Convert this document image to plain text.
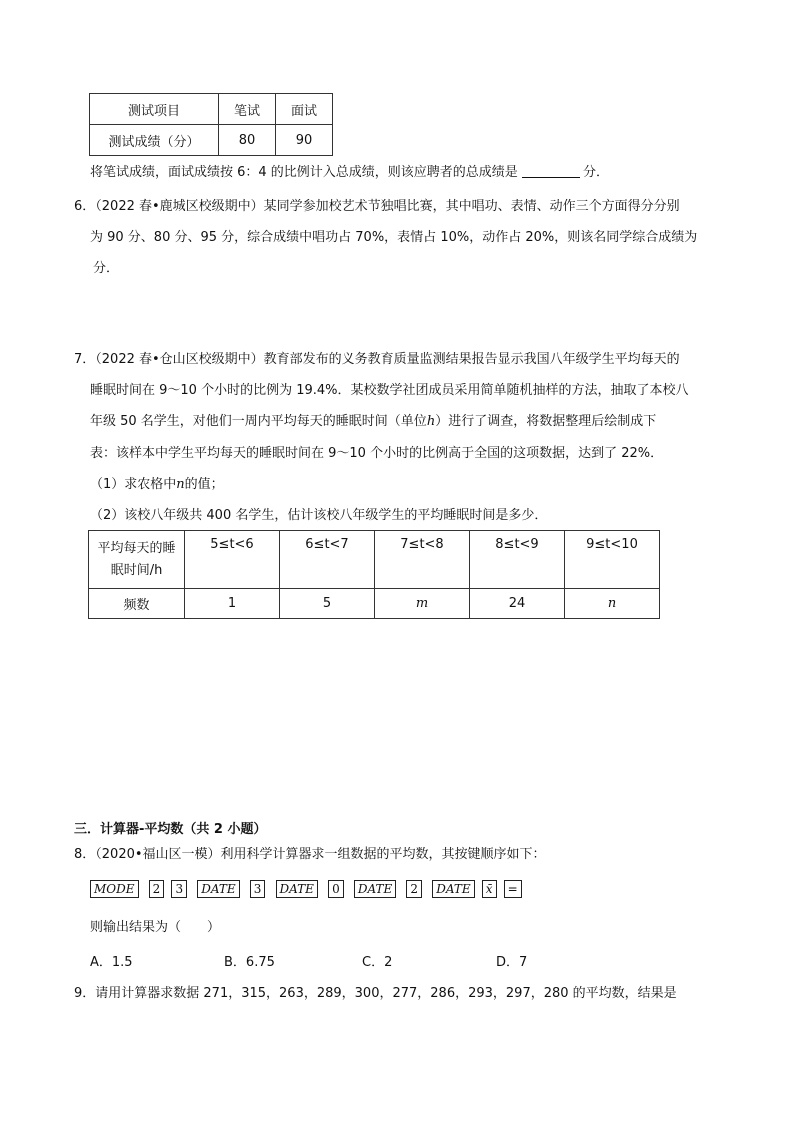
测试项目	笔试	面试
测试成绩（分）	80	90
将笔试成绩，面试成绩按 6：4 的比例计入总成绩，则该应聘者的总成绩是	分．
6．（2022 春•鹿城区校级期中）某同学参加校艺术节独唱比赛，其中唱功、表情、动作三个方面得分分别
为 90 分、80 分、95 分，综合成绩中唱功占 70%，表情占 10%，动作占 20%，则该名同学综合成绩为
分．
7．（2022 春•仓山区校级期中）教育部发布的义务教育质量监测结果报告显示我国八年级学生平均每天的
睡眠时间在 9～10 个小时的比例为 19.4%．某校数学社团成员采用简单随机抽样的方法，抽取了本校八
年级 50 名学生，对他们一周内平均每天的睡眠时间（单位h）进行了调查，将数据整理后绘制成下
表：该样本中学生平均每天的睡眠时间在 9～10 个小时的比例高于全国的这项数据，达到了 22%．
（1）求农格中n的值；
（2）该校八年级共 400 名学生，估计该校八年级学生的平均睡眠时间是多少．
平均每天的睡
眠时间/h	5≤t<6	6≤t<7	7≤t<8	8≤t<9	9≤t<10
频数	1	5	m	24	n
三．计算器-平均数（共 2 小题）
8．（2020•福山区一模）利用科学计算器求一组数据的平均数，其按键顺序如下：
MODE 2 3 DATE 3 DATE 0 DATE 2 DATE x̄ =
则输出结果为（　　）
A．1.5	B．6.75	C．2	D．7
9．请用计算器求数据 271，315，263，289，300，277，286，293，297，280 的平均数，结果是
